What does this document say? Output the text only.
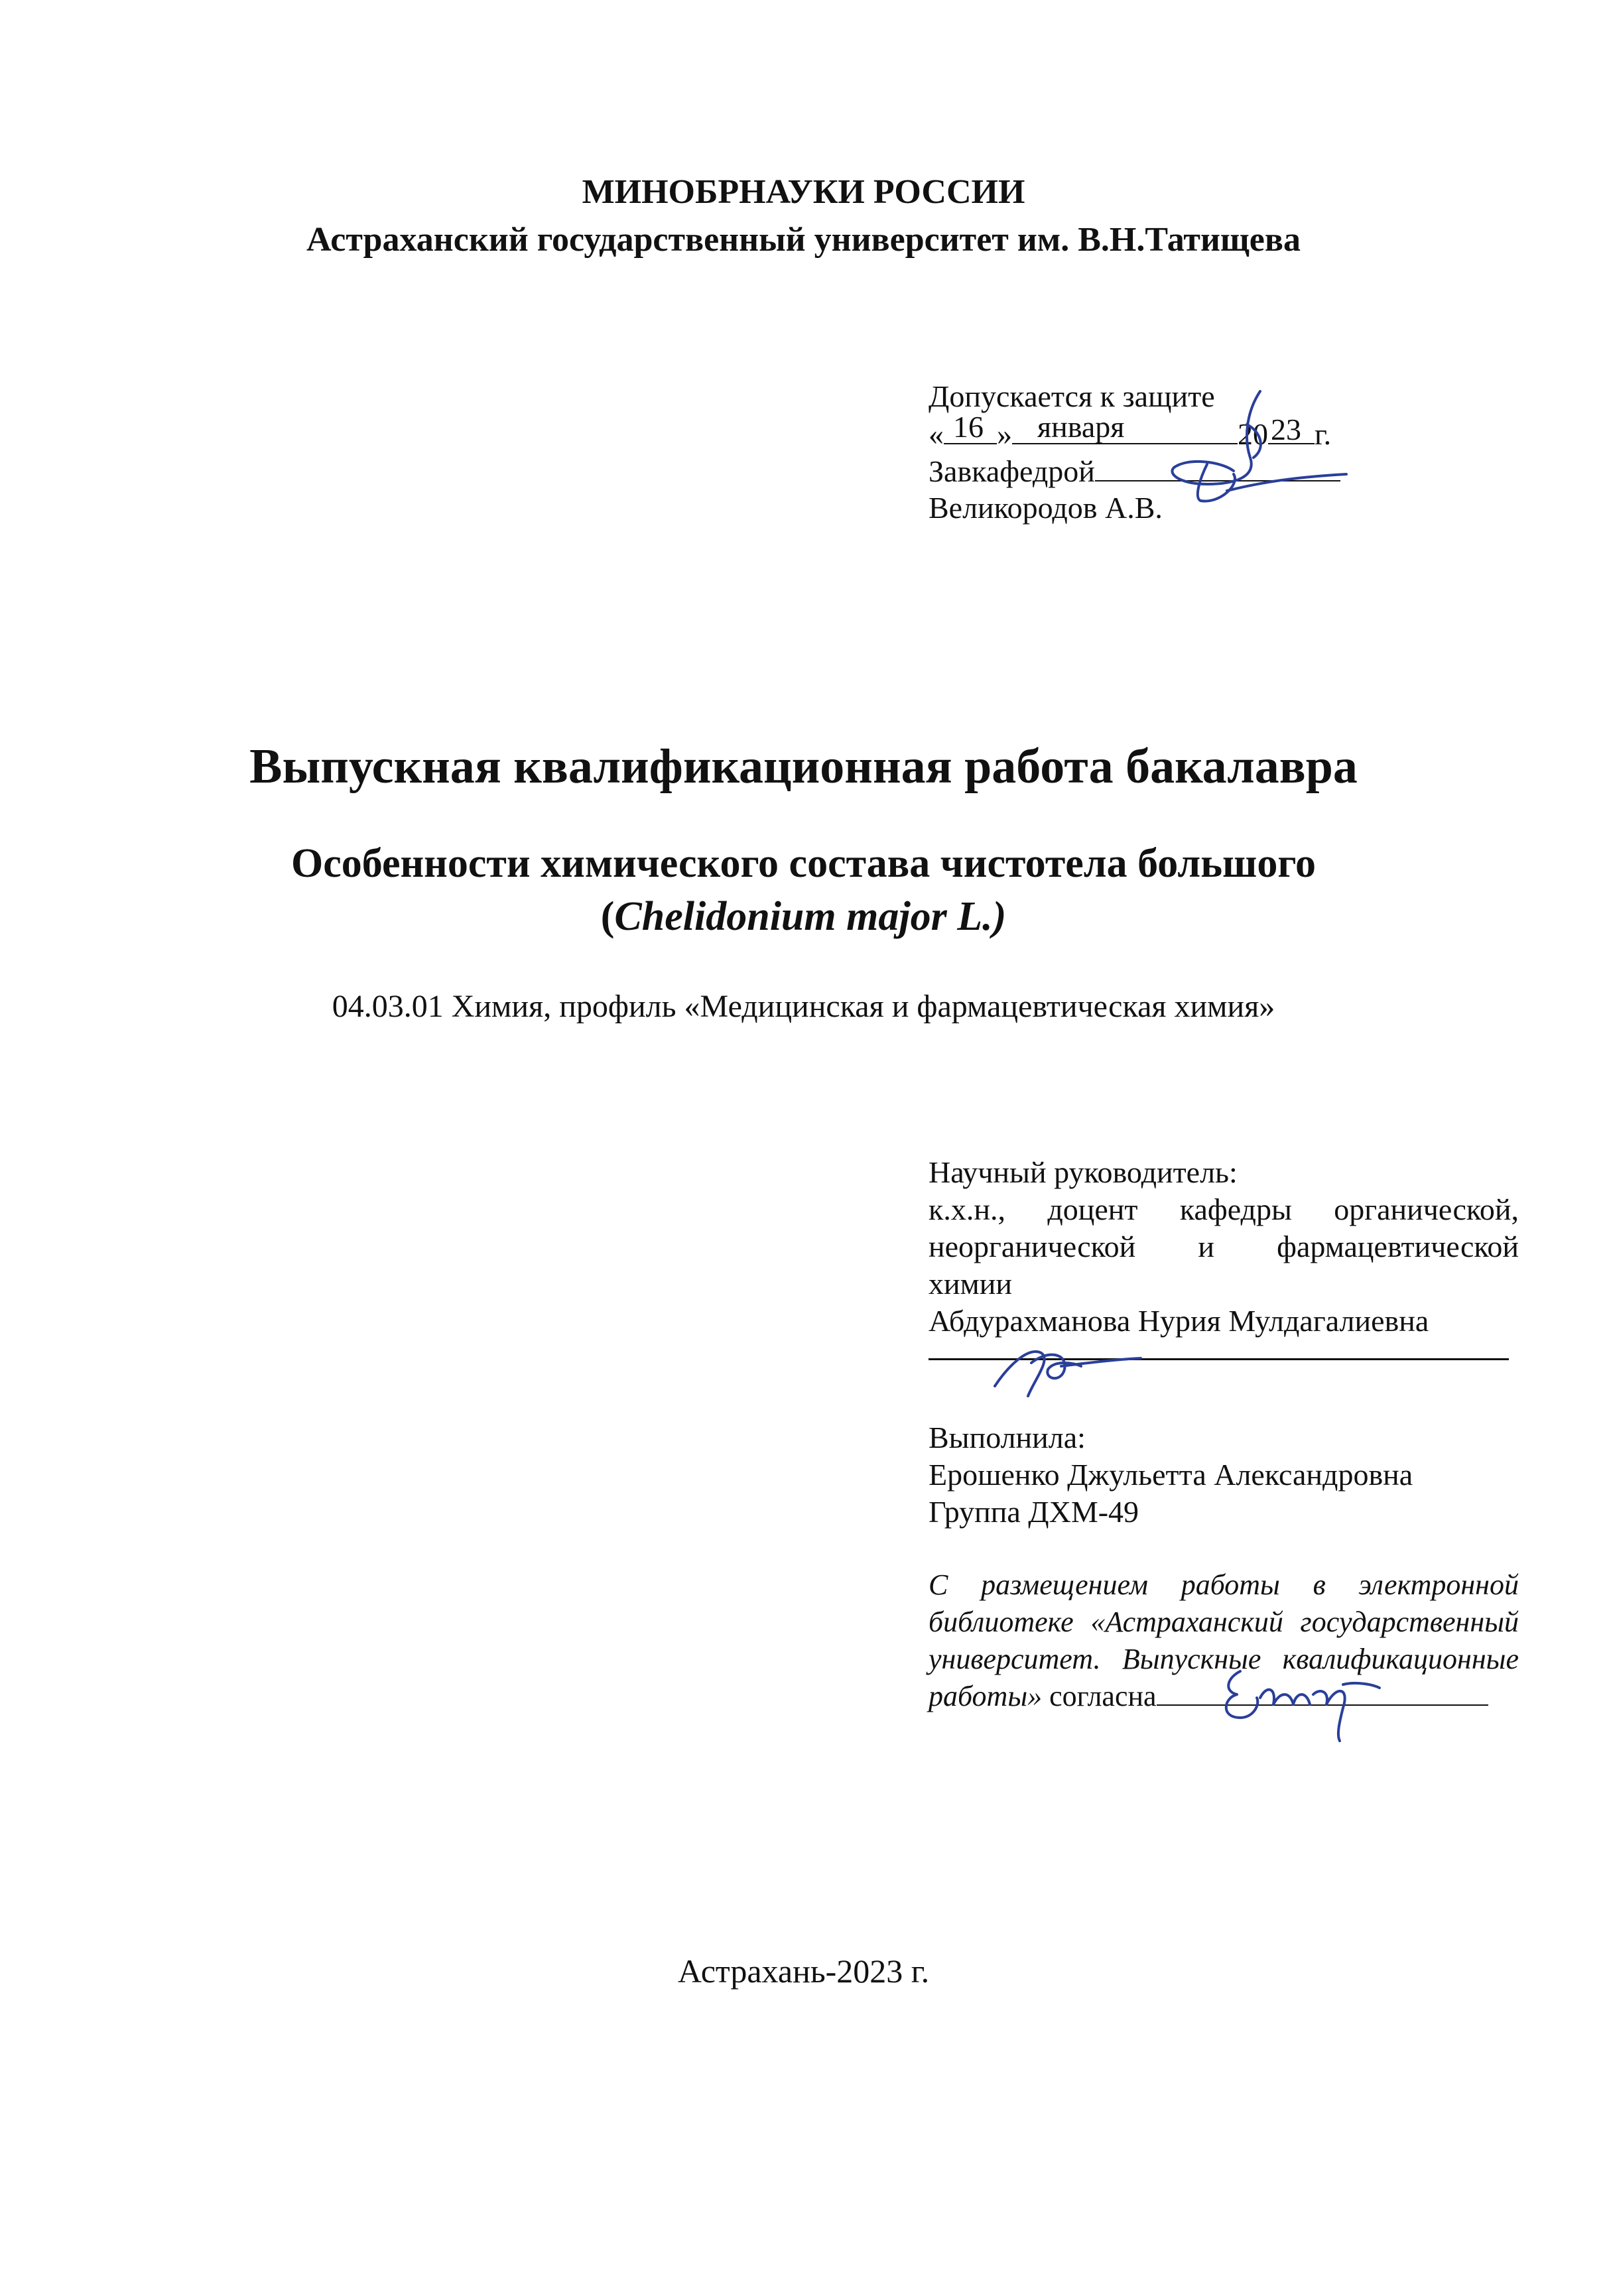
МИНОБРНАУКИ РОССИИ
Астраханский государственный университет им. В.Н.Татищева
Допускается к защите
« 16 » января	20 23 г.
Завкафедрой
Великородов А.В.
Выпускная квалификационная работа бакалавра
Особенности химического состава чистотела большого
(Chelidonium major L.)
04.03.01 Химия, профиль «Медицинская и фармацевтическая химия»
Научный руководитель:
к.х.н., доцент кафедры органической,
неорганической и фармацевтической
химии
Абдурахманова Нурия Мулдагалиевна
Выполнила:
Ерошенко Джульетта Александровна
Группа ДХМ-49
С размещением работы в электронной
библиотеке «Астраханский государственный
университет. Выпускные квалификационные
работы» согласна
Астрахань-2023 г.
